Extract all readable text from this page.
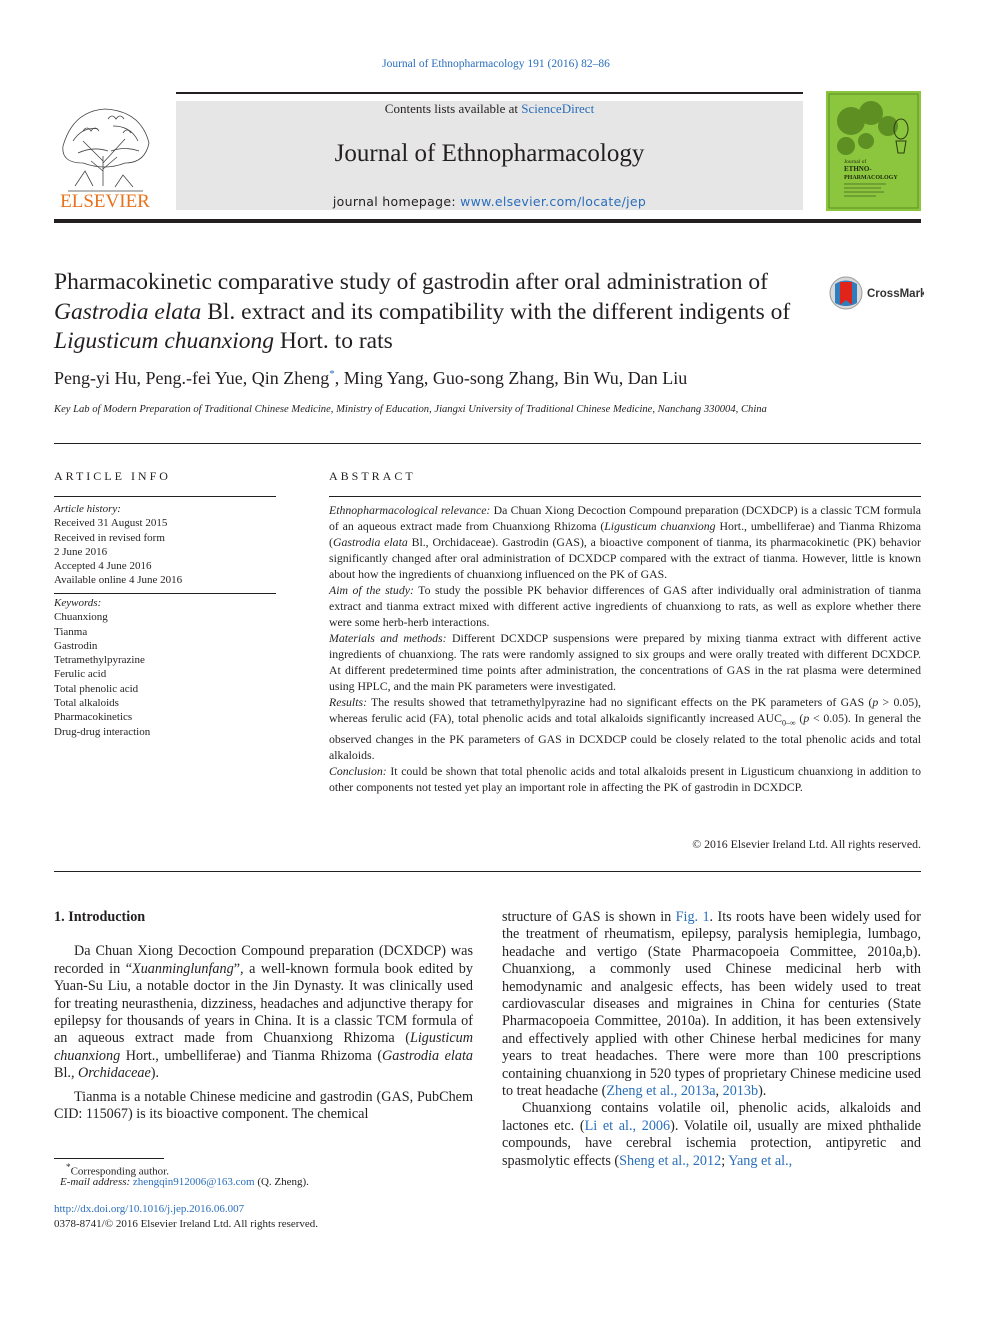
Journal of Ethnopharmacology 191 (2016) 82–86
Contents lists available at ScienceDirect
Journal of Ethnopharmacology
journal homepage: www.elsevier.com/locate/jep
ELSEVIER
Journal of
ETHNO-
PHARMACOLOGY
Pharmacokinetic comparative study of gastrodin after oral administration of Gastrodia elata Bl. extract and its compatibility with the different indigents of Ligusticum chuanxiong Hort. to rats
CrossMark
Peng-yi Hu, Peng.-fei Yue, Qin Zheng*, Ming Yang, Guo-song Zhang, Bin Wu, Dan Liu
Key Lab of Modern Preparation of Traditional Chinese Medicine, Ministry of Education, Jiangxi University of Traditional Chinese Medicine, Nanchang 330004, China
ARTICLE INFO	ABSTRACT
Article history:
Received 31 August 2015
Received in revised form
2 June 2016
Accepted 4 June 2016
Available online 4 June 2016
Keywords:
Chuanxiong
Tianma
Gastrodin
Tetramethylpyrazine
Ferulic acid
Total phenolic acid
Total alkaloids
Pharmacokinetics
Drug-drug interaction

Ethnopharmacological relevance: Da Chuan Xiong Decoction Compound preparation (DCXDCP) is a classic TCM formula of an aqueous extract made from Chuanxiong Rhizoma (Ligusticum chuanxiong Hort., umbelliferae) and Tianma Rhizoma (Gastrodia elata Bl., Orchidaceae). Gastrodin (GAS), a bioactive component of tianma, its pharmacokinetic (PK) behavior significantly changed after oral administration of DCXDCP compared with the extract of tianma. However, little is known about how the ingredients of chuanxiong influenced on the PK of GAS.

Aim of the study: To study the possible PK behavior differences of GAS after individually oral administration of tianma extract and tianma extract mixed with different active ingredients of chuanxiong to rats, as well as explore whether there were some herb-herb interactions.

Materials and methods: Different DCXDCP suspensions were prepared by mixing tianma extract with different active ingredients of chuanxiong. The rats were randomly assigned to six groups and were orally treated with different DCXDCP. At different predetermined time points after administration, the concentrations of GAS in the rat plasma were determined using HPLC, and the main PK parameters were investigated.

Results: The results showed that tetramethylpyrazine had no significant effects on the PK parameters of GAS (p > 0.05), whereas ferulic acid (FA), total phenolic acids and total alkaloids significantly increased $AUC_{0-\infty}$ (p < 0.05). In general the observed changes in the PK parameters of GAS in DCXDCP could be closely related to the total phenolic acids and total alkaloids.

Conclusion: It could be shown that total phenolic acids and total alkaloids present in Ligusticum chuanxiong in addition to other components not tested yet play an important role in affecting the PK of gastrodin in DCXDCP.

© 2016 Elsevier Ireland Ltd. All rights reserved.

1. Introduction

Da Chuan Xiong Decoction Compound preparation (DCXDCP) was recorded in “Xuanminglunfang”, a well-known formula book edited by Yuan-Su Liu, a notable doctor in the Jin Dynasty. It was clinically used for treating neurasthenia, dizziness, headaches and adjunctive therapy for epilepsy for thousands of years in China. It is a classic TCM formula of an aqueous extract made from Chuanxiong Rhizoma (Ligusticum chuanxiong Hort., umbelliferae) and Tianma Rhizoma (Gastrodia elata Bl., Orchidaceae).

Tianma is a notable Chinese medicine and gastrodin (GAS, PubChem CID: 115067) is its bioactive component. The chemical

structure of GAS is shown in Fig. 1. Its roots have been widely used for the treatment of rheumatism, epilepsy, paralysis hemiplegia, lumbago, headache and vertigo (State Pharmacopoeia Committee, 2010a,b). Chuanxiong, a commonly used Chinese medicinal herb with hemodynamic and analgesic effects, has been widely used to treat cardiovascular diseases and migraines in China for centuries (State Pharmacopoeia Committee, 2010a). In addition, it has been extensively and effectively applied with other Chinese herbal medicines for many years to treat headaches. There were more than 100 prescriptions containing chuanxiong in 520 types of proprietary Chinese medicine used to treat headache (Zheng et al., 2013a, 2013b).

Chuanxiong contains volatile oil, phenolic acids, alkaloids and lactones etc. (Li et al., 2006). Volatile oil, usually are mixed phthalide compounds, have cerebral ischemia protection, antipyretic and spasmolytic effects (Sheng et al., 2012; Yang et al.,

*Corresponding author.
E-mail address: zhengqin912006@163.com (Q. Zheng).
http://dx.doi.org/10.1016/j.jep.2016.06.007
0378-8741/© 2016 Elsevier Ireland Ltd. All rights reserved.
